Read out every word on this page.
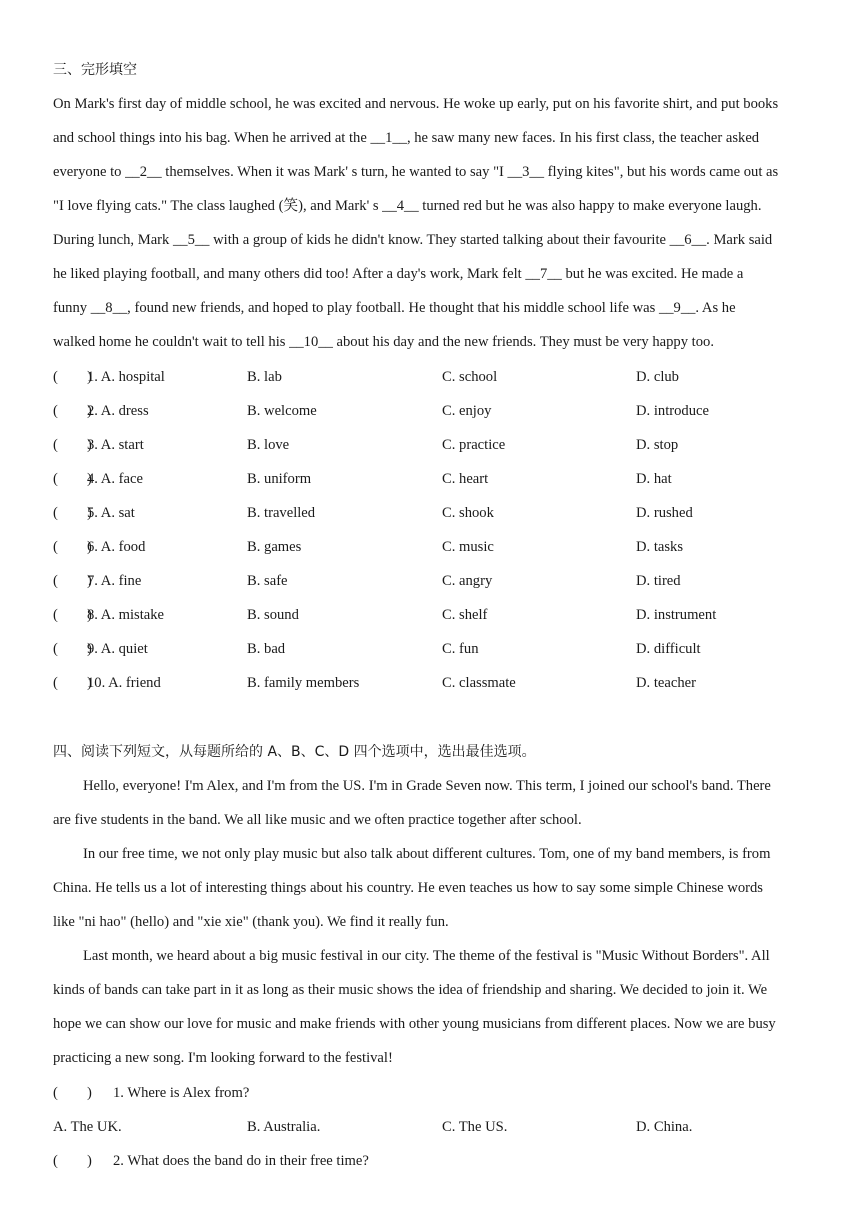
三、完形填空
On Mark's first day of middle school, he was excited and nervous. He woke up early, put on his favorite shirt, and put books
and school things into his bag. When he arrived at the __1__, he saw many new faces. In his first class, the teacher asked
everyone to __2__ themselves. When it was Mark' s turn, he wanted to say "I __3__ flying kites", but his words came out as
"I love flying cats." The class laughed (笑), and Mark' s __4__ turned red but he was also happy to make everyone laugh.
During lunch, Mark __5__ with a group of kids he didn't know. They started talking about their favourite __6__. Mark said
he liked playing football, and many others did too! After a day's work, Mark felt __7__ but he was excited. He made a
funny __8__, found new friends, and hoped to play football. He thought that his middle school life was __9__. As he
walked home he couldn't wait to tell his __10__ about his day and the new friends. They must be very happy too.
(　　)
1. A. hospital	B. lab	C. school	D. club
(　　)
2. A. dress	B. welcome	C. enjoy	D. introduce
(　　)
3. A. start	B. love	C. practice	D. stop
(　　)
4. A. face	B. uniform	C. heart	D. hat
(　　)
5. A. sat	B. travelled	C. shook	D. rushed
(　　)
6. A. food	B. games	C. music	D. tasks
(　　)
7. A. fine	B. safe	C. angry	D. tired
(　　)
8. A. mistake	B. sound	C. shelf	D. instrument
(　　)
9. A. quiet	B. bad	C. fun	D. difficult
(　　)
10. A. friend	B. family members	C. classmate	D. teacher
四、阅读下列短文，从每题所给的 A、B、C、D 四个选项中，选出最佳选项。
Hello, everyone! I'm Alex, and I'm from the US. I'm in Grade Seven now. This term, I joined our school's band. There
are five students in the band. We all like music and we often practice together after school.
In our free time, we not only play music but also talk about different cultures. Tom, one of my band members, is from
China. He tells us a lot of interesting things about his country. He even teaches us how to say some simple Chinese words
like "ni hao" (hello) and "xie xie" (thank you). We find it really fun.
Last month, we heard about a big music festival in our city. The theme of the festival is "Music Without Borders". All
kinds of bands can take part in it as long as their music shows the idea of friendship and sharing. We decided to join it. We
hope we can show our love for music and make friends with other young musicians from different places. Now we are busy
practicing a new song. I'm looking forward to the festival!
(　　) 1. Where is Alex from?
A. The UK.	B. Australia.	C. The US.	D. China.
(　　) 2. What does the band do in their free time?
